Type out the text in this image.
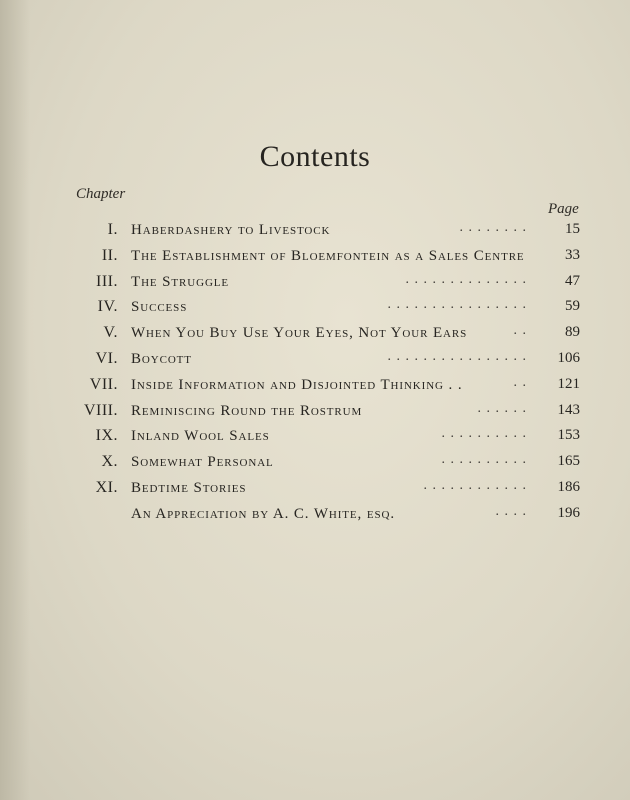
Contents
Chapter
Page
I. Haberdashery to Livestock	. . . . . . . .	15
II. The Establishment of Bloemfontein as a Sales Centre	33
III. The Struggle	. . . . . . . . . . . . . .	47
IV. Success	. . . . . . . . . . . . . . . .	59
V. When You Buy Use Your Eyes, Not Your Ears	. .	89
VI. Boycott	. . . . . . . . . . . . . . . .	106
VII. Inside Information and Disjointed Thinking . .	. .	121
VIII. Reminiscing Round the Rostrum	. . . . . .	143
IX. Inland Wool Sales	. . . . . . . . . .	153
X. Somewhat Personal	. . . . . . . . . .	165
XI. Bedtime Stories	. . . . . . . . . . . .	186
An Appreciation by A. C. White, esq.	. . . .	196
